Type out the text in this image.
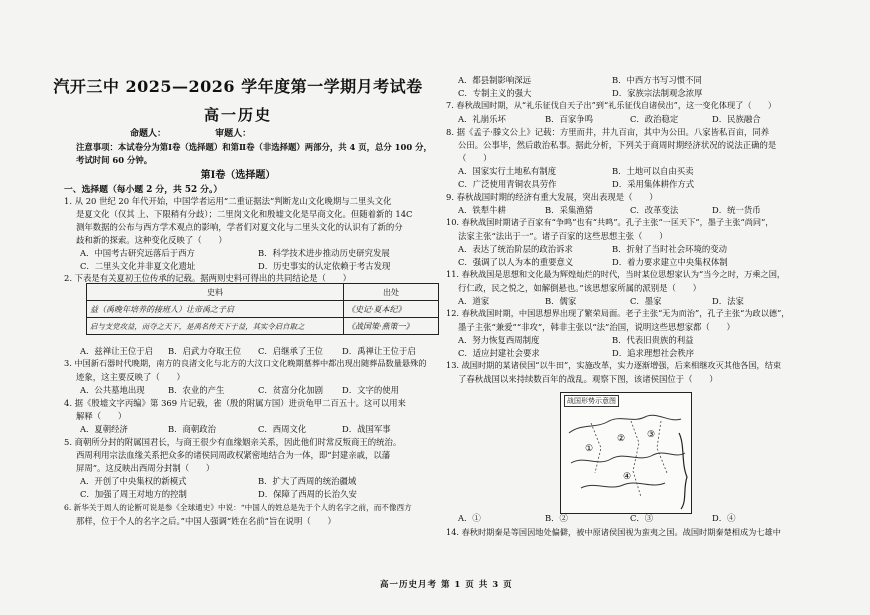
汽开三中 2025—2026 学年度第一学期月考试卷
高一历史
命题人：	审题人：
注意事项：本试卷分为第Ⅰ卷（选择题）和第Ⅱ卷（非选择题）两部分，共 4 页，总分 100 分，考试时间 60 分钟。
第Ⅰ卷（选择题）
一、选择题（每小题 2 分，共 52 分。）
1. 从 20 世纪 20 年代开始，中国学者运用“二重证据法”判断龙山文化晚期与二里头文化
是夏文化（仅其 上、下限稍有分歧）；二里岗文化和殷墟文化是早商文化。但随着新的 14C
测年数据的公布与西方学术观点的影响，学者们对夏文化与二里头文化的认识有了新的分
歧和新的探索。这种变化反映了（　　）
A．中国考古研究远落后于西方	B．科学技术进步推动历史研究发展
C．二里头文化并非夏文化遗址	D．历史事实的认定依赖于考古发现
2. 下表是有关夏初王位传承的记载。据两则史料可得出的共同结论是（　　）
史料	出处
益（禹晚年培养的接班人）让帝禹之子启	《史记·夏本纪》
启与支党攻益，而夺之天下，是禹名传天下于益，其实令启自取之	《战国策·燕策一》
A．兹禅让王位于启 B．启武力夺取王位 C．启继承了王位 D．禹禅让王位于启
3. 中国新石器时代晚期，南方的良渚文化与北方的大汶口文化晚期墓葬中都出现出随葬品数量悬殊的
迹象，这主要反映了（　　）
A．公共墓地出现	B．农业的产生	C．贫富分化加剧 D．文字的使用
4. 据《殷墟文字丙编》第 369 片记载，雀（殷的附属方国）进贡龟甲二百五十。这可以用来
解释（　　）
A．夏朝经济	B．商朝政治	C．西周文化	D．战国军事
5. 商朝所分封的附属国君长，与商王很少有血缘姻亲关系，因此他们时常反叛商王的统治。
西周利用宗法血缘关系把众多的诸侯同周政权紧密地结合为一体，即“封建亲戚，以藩
屏周”。这反映出西周分封制（　　）
A．开创了中央集权的新模式	B．扩大了西周的统治疆域
C．加强了周王对地方的控制	D．保障了西周的长治久安
6. 新华关于周人的论断可说是参《全球通史》中说：“中国人的姓总是先于个人的名字之前，而不像西方
那样，位于个人的名字之后。”中国人强调“姓在名前”旨在说明（　　）
A．都县制影响深远	B．中西方书写习惯不同
C．专制主义的强大	D．家族宗法制观念浓厚
7. 春秋战国时期，从“礼乐征伐自天子出”到“礼乐征伐自诸侯出”，这一变化体现了（　　）
A．礼崩乐坏	B．百家争鸣	C．政治稳定	D．民族融合
8. 据《孟子·滕文公上》记载：方里而井，井九百亩，其中为公田。八家皆私百亩，同养
公田。公事毕，然后敢治私事。据此分析，下列关于商周时期经济状况的说法正确的是
（　　）
A．国家实行土地私有制度	B．土地可以自由买卖
C．广泛使用青铜农具劳作	D．采用集体耕作方式
9. 春秋战国时期的经济有重大发展，突出表现是（　　）
A．铁犁牛耕	B．采集渔猎	C．改革变法	D．统一货币
10. 春秋战国时期诸子百家有“争鸣”也有“共鸣”。孔子主张“一匡天下”，墨子主张“尚同”，
法家主张“法出于一”。诸子百家的这些思想主张（　　）
A．表达了统治阶层的政治诉求	B．折射了当时社会环境的变动
C．强调了以人为本的重要意义	D．着力要求建立中央集权体制
11. 春秋战国是思想和文化最为辉煌灿烂的时代，当时某位思想家认为“当今之时，万乘之国，
行仁政，民之悦之，如解倒悬也。”该思想家所属的派别是（　　）
A．道家	B．儒家	C．墨家	D．法家
12. 春秋战国时期，中国思想界出现了繁荣局面。老子主张“无为而治”，孔子主张“为政以德”，
墨子主张“兼爱”“非攻”，韩非主张以“法”治国，说明这些思想家都（　　）
A．努力恢复西周制度	B．代表旧贵族的利益
C．适应封建社会要求	D．追求理想社会秩序
13. 战国时期的某诸侯国“以牛田”，实施改革，实力逐渐增强，后来相继攻灭其他各国，结束
了春秋战国以来持续数百年的战乱。观察下图，该诸侯国位于（　　）
战国形势示意图
①
② ③
④
A．①	B．②	C．③	D．④
14. 春秋时期秦是等国因地处偏僻，被中原诸侯国视为蛮夷之国。战国时期秦楚相成为七雄中
高一历史月考 第 1 页 共 3 页
